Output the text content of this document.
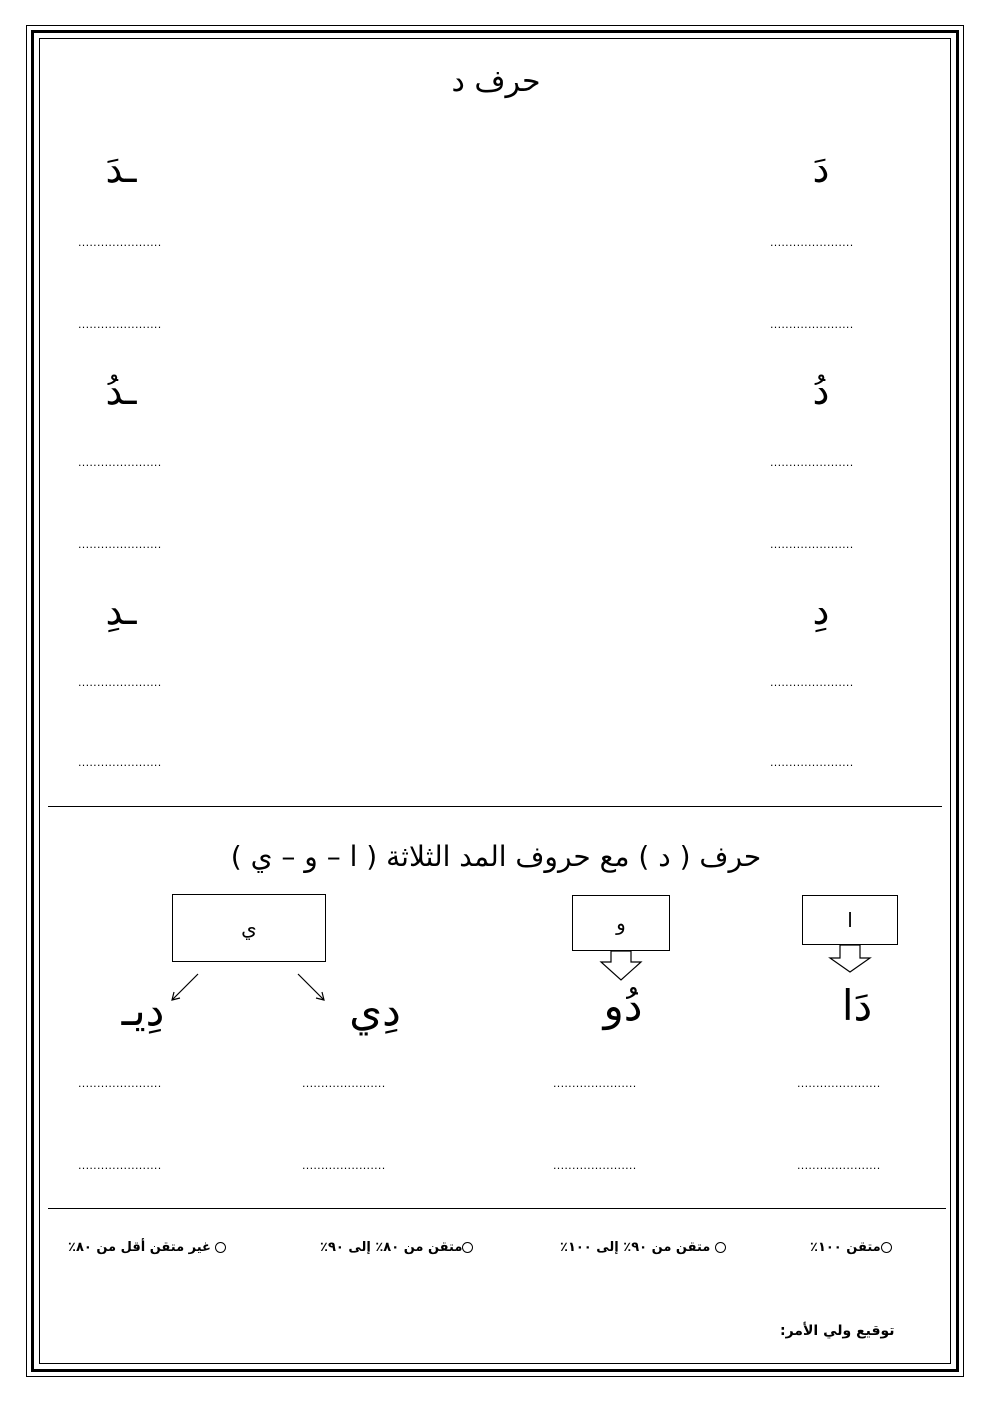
حرف د
دَ
ـدَ
......................
......................
......................
......................
دُ
ـدُ
......................
......................
......................
......................
دِ
ـدِ
......................
......................
......................
......................
حرف ( د ) مع حروف المد الثلاثة ( ا – و – ي )
ا
و
ي
دَا
دُو
دِي
دِيـ
......................
......................
......................
......................
......................
......................
......................
......................
متقن ١٠٠٪
متقن من ٩٠٪ إلى ١٠٠٪
متقن من ٨٠٪ إلى ٩٠٪
غير متقن أقل من ٨٠٪
توقيع ولي الأمر:
